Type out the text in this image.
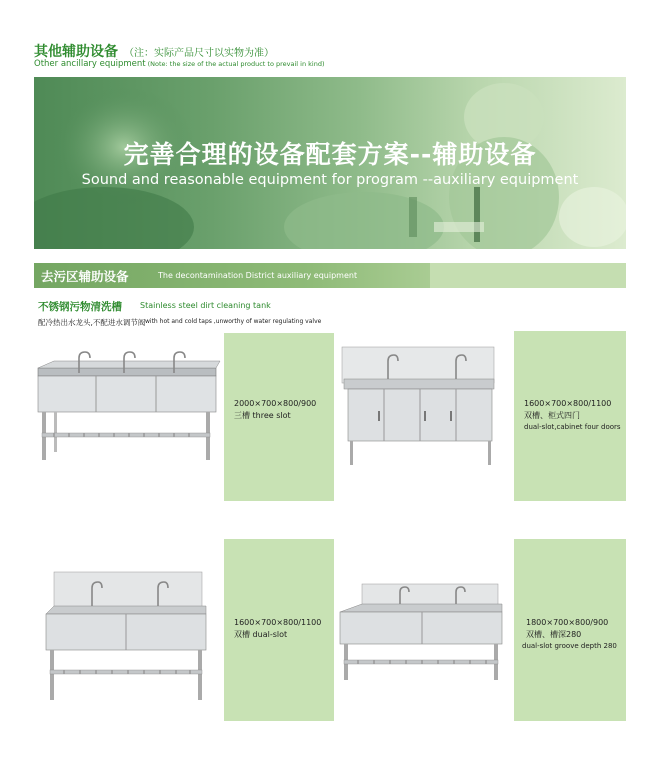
其他辅助设备 （注：实际产品尺寸以实物为准）
Other ancillary equipment (Note: the size of the actual product to prevail in kind)
完善合理的设备配套方案--辅助设备
Sound and reasonable equipment for program --auxiliary equipment
去污区辅助设备	The decontamination District auxiliary equipment
不锈钢污物清洗槽 Stainless steel dirt cleaning tank
配冷热出水龙头,不配进水调节阀 with hot and cold taps ,unworthy of water regulating valve
2000×700×800/900
三槽 three slot
1600×700×800/1100
双槽、柜式四门
dual-slot,cabinet four doors
1600×700×800/1100
双槽 dual-slot
1800×700×800/900
双槽、槽深280
dual-slot groove depth 280
